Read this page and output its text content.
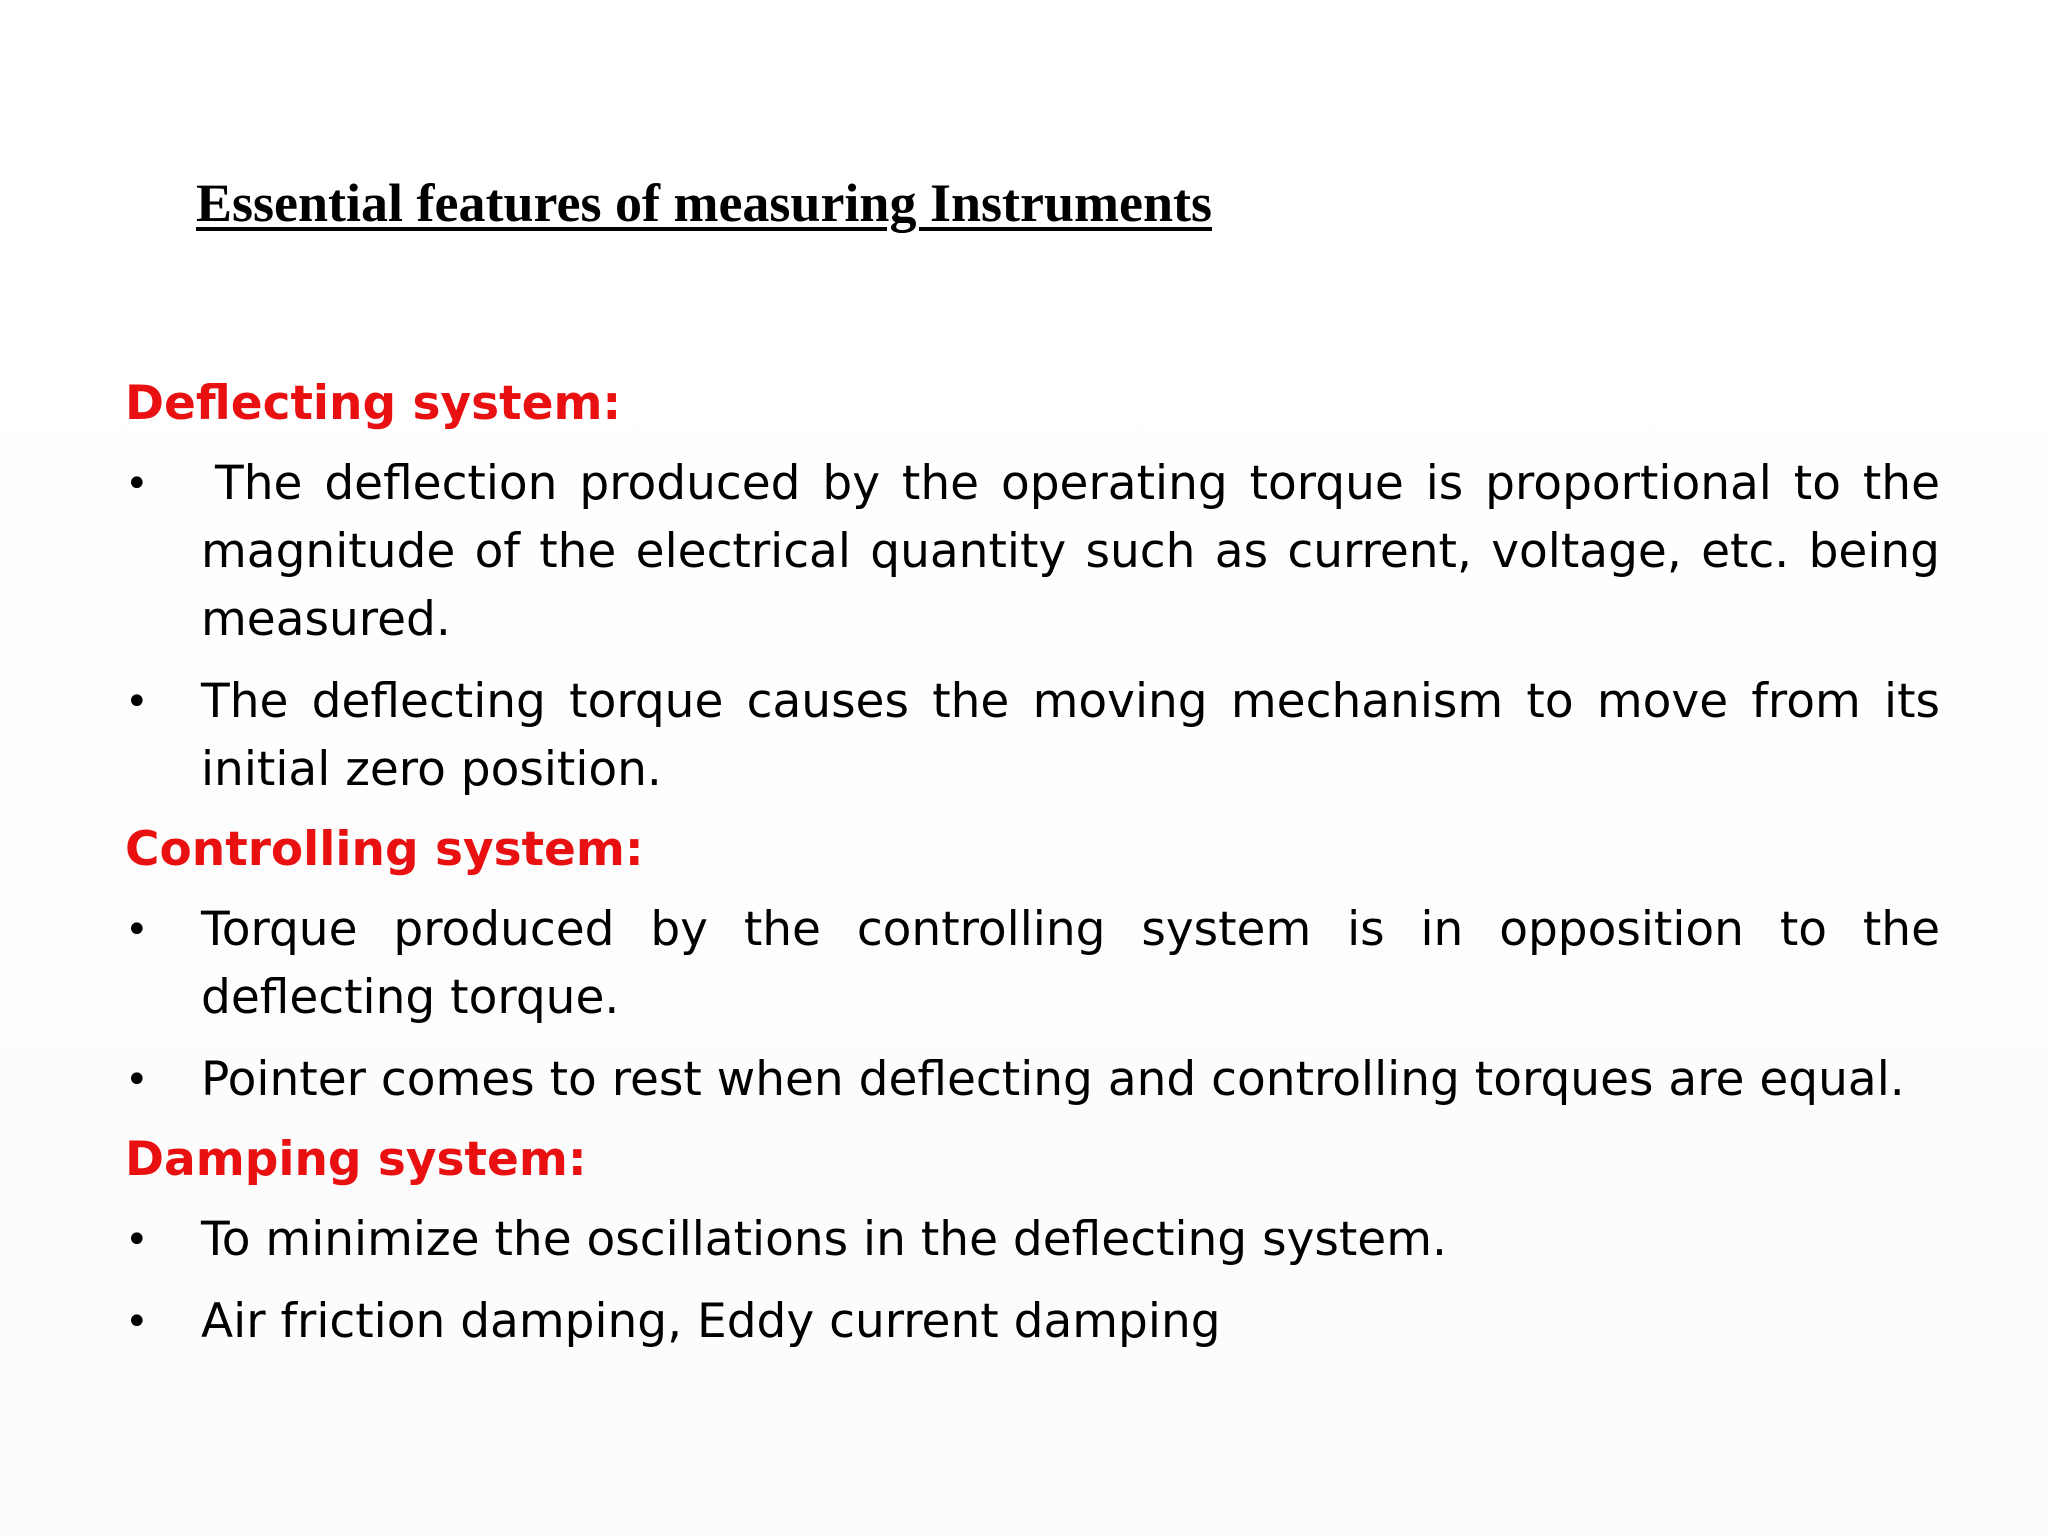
Essential features of measuring Instruments

Deflecting system:

•	The deflection produced by the operating torque is proportional to the magnitude of the electrical quantity such as current, voltage, etc. being measured.
•	The deflecting torque causes the moving mechanism to move from its initial zero position.

Controlling system:

•	Torque produced by the controlling system is in opposition to the deflecting torque.
•	Pointer comes to rest when deflecting and controlling torques are equal.

Damping system:

•	To minimize the oscillations in the deflecting system.
•	Air friction damping, Eddy current damping
